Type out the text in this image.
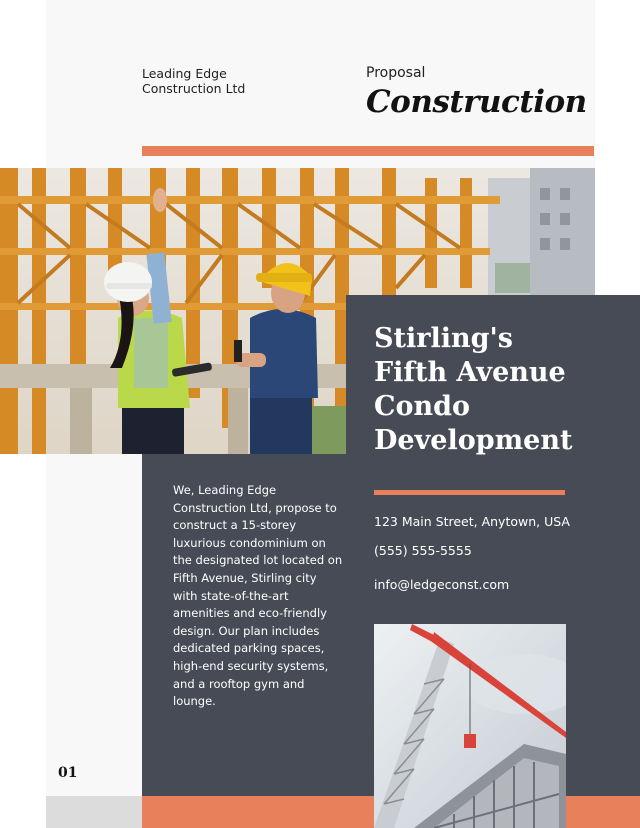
Leading Edge
Construction Ltd
Proposal
Construction
Stirling's
Fifth Avenue
Condo
Development
We, Leading Edge Construction Ltd, propose to construct a 15-storey luxurious condominium on the designated lot located on Fifth Avenue, Stirling city with state-of-the-art amenities and eco-friendly design. Our plan includes dedicated parking spaces, high-end security systems, and a rooftop gym and lounge.
123 Main Street, Anytown, USA
(555) 555-5555
info@ledgeconst.com
01
